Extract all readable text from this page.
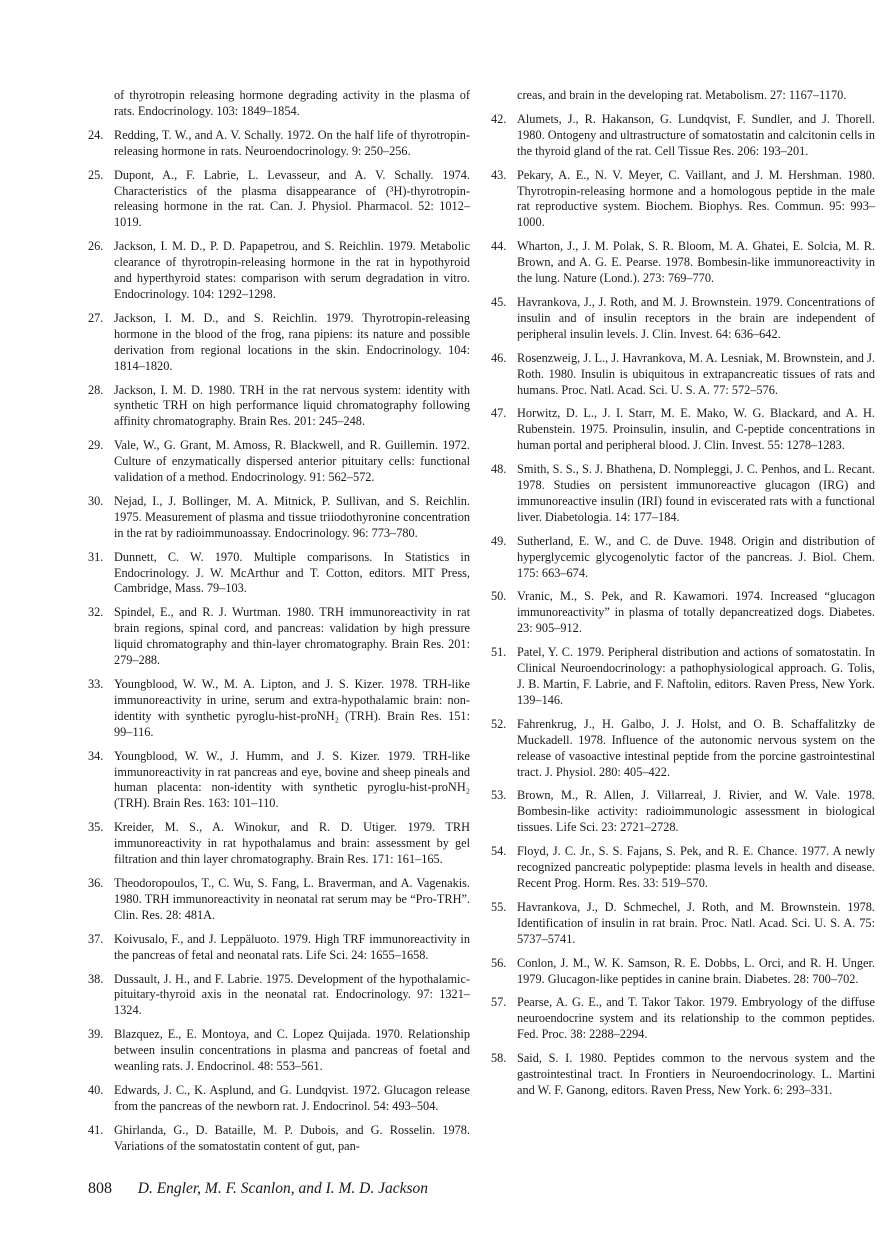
of thyrotropin releasing hormone degrading activity in the plasma of rats. Endocrinology. 103: 1849–1854.
24. Redding, T. W., and A. V. Schally. 1972. On the half life of thyrotropin-releasing hormone in rats. Neuroendocrinology. 9: 250–256.
25. Dupont, A., F. Labrie, L. Levasseur, and A. V. Schally. 1974. Characteristics of the plasma disappearance of (³H)-thyrotropin-releasing hormone in the rat. Can. J. Physiol. Pharmacol. 52: 1012–1019.
26. Jackson, I. M. D., P. D. Papapetrou, and S. Reichlin. 1979. Metabolic clearance of thyrotropin-releasing hormone in the rat in hypothyroid and hyperthyroid states: comparison with serum degradation in vitro. Endocrinology. 104: 1292–1298.
27. Jackson, I. M. D., and S. Reichlin. 1979. Thyrotropin-releasing hormone in the blood of the frog, rana pipiens: its nature and possible derivation from regional locations in the skin. Endocrinology. 104: 1814–1820.
28. Jackson, I. M. D. 1980. TRH in the rat nervous system: identity with synthetic TRH on high performance liquid chromatography following affinity chromatography. Brain Res. 201: 245–248.
29. Vale, W., G. Grant, M. Amoss, R. Blackwell, and R. Guillemin. 1972. Culture of enzymatically dispersed anterior pituitary cells: functional validation of a method. Endocrinology. 91: 562–572.
30. Nejad, I., J. Bollinger, M. A. Mitnick, P. Sullivan, and S. Reichlin. 1975. Measurement of plasma and tissue triiodothyronine concentration in the rat by radioimmunoassay. Endocrinology. 96: 773–780.
31. Dunnett, C. W. 1970. Multiple comparisons. In Statistics in Endocrinology. J. W. McArthur and T. Cotton, editors. MIT Press, Cambridge, Mass. 79–103.
32. Spindel, E., and R. J. Wurtman. 1980. TRH immunoreactivity in rat brain regions, spinal cord, and pancreas: validation by high pressure liquid chromatography and thin-layer chromatography. Brain Res. 201: 279–288.
33. Youngblood, W. W., M. A. Lipton, and J. S. Kizer. 1978. TRH-like immunoreactivity in urine, serum and extra-hypothalamic brain: non-identity with synthetic pyroglu-hist-proNH₂ (TRH). Brain Res. 151: 99–116.
34. Youngblood, W. W., J. Humm, and J. S. Kizer. 1979. TRH-like immunoreactivity in rat pancreas and eye, bovine and sheep pineals and human placenta: non-identity with synthetic pyroglu-hist-proNH₂ (TRH). Brain Res. 163: 101–110.
35. Kreider, M. S., A. Winokur, and R. D. Utiger. 1979. TRH immunoreactivity in rat hypothalamus and brain: assessment by gel filtration and thin layer chromatography. Brain Res. 171: 161–165.
36. Theodoropoulos, T., C. Wu, S. Fang, L. Braverman, and A. Vagenakis. 1980. TRH immunoreactivity in neonatal rat serum may be “Pro-TRH”. Clin. Res. 28: 481A.
37. Koivusalo, F., and J. Leppäluoto. 1979. High TRF immunoreactivity in the pancreas of fetal and neonatal rats. Life Sci. 24: 1655–1658.
38. Dussault, J. H., and F. Labrie. 1975. Development of the hypothalamic-pituitary-thyroid axis in the neonatal rat. Endocrinology. 97: 1321–1324.
39. Blazquez, E., E. Montoya, and C. Lopez Quijada. 1970. Relationship between insulin concentrations in plasma and pancreas of foetal and weanling rats. J. Endocrinol. 48: 553–561.
40. Edwards, J. C., K. Asplund, and G. Lundqvist. 1972. Glucagon release from the pancreas of the newborn rat. J. Endocrinol. 54: 493–504.
41. Ghirlanda, G., D. Bataille, M. P. Dubois, and G. Rosselin. 1978. Variations of the somatostatin content of gut, pan-
creas, and brain in the developing rat. Metabolism. 27: 1167–1170.
42. Alumets, J., R. Hakanson, G. Lundqvist, F. Sundler, and J. Thorell. 1980. Ontogeny and ultrastructure of somatostatin and calcitonin cells in the thyroid gland of the rat. Cell Tissue Res. 206: 193–201.
43. Pekary, A. E., N. V. Meyer, C. Vaillant, and J. M. Hershman. 1980. Thyrotropin-releasing hormone and a homologous peptide in the male rat reproductive system. Biochem. Biophys. Res. Commun. 95: 993–1000.
44. Wharton, J., J. M. Polak, S. R. Bloom, M. A. Ghatei, E. Solcia, M. R. Brown, and A. G. E. Pearse. 1978. Bombesin-like immunoreactivity in the lung. Nature (Lond.). 273: 769–770.
45. Havrankova, J., J. Roth, and M. J. Brownstein. 1979. Concentrations of insulin and of insulin receptors in the brain are independent of peripheral insulin levels. J. Clin. Invest. 64: 636–642.
46. Rosenzweig, J. L., J. Havrankova, M. A. Lesniak, M. Brownstein, and J. Roth. 1980. Insulin is ubiquitous in extrapancreatic tissues of rats and humans. Proc. Natl. Acad. Sci. U. S. A. 77: 572–576.
47. Horwitz, D. L., J. I. Starr, M. E. Mako, W. G. Blackard, and A. H. Rubenstein. 1975. Proinsulin, insulin, and C-peptide concentrations in human portal and peripheral blood. J. Clin. Invest. 55: 1278–1283.
48. Smith, S. S., S. J. Bhathena, D. Nompleggi, J. C. Penhos, and L. Recant. 1978. Studies on persistent immunoreactive glucagon (IRG) and immunoreactive insulin (IRI) found in eviscerated rats with a functional liver. Diabetologia. 14: 177–184.
49. Sutherland, E. W., and C. de Duve. 1948. Origin and distribution of hyperglycemic glycogenolytic factor of the pancreas. J. Biol. Chem. 175: 663–674.
50. Vranic, M., S. Pek, and R. Kawamori. 1974. Increased “glucagon immunoreactivity” in plasma of totally depancreatized dogs. Diabetes. 23: 905–912.
51. Patel, Y. C. 1979. Peripheral distribution and actions of somatostatin. In Clinical Neuroendocrinology: a pathophysiological approach. G. Tolis, J. B. Martin, F. Labrie, and F. Naftolin, editors. Raven Press, New York. 139–146.
52. Fahrenkrug, J., H. Galbo, J. J. Holst, and O. B. Schaffalitzky de Muckadell. 1978. Influence of the autonomic nervous system on the release of vasoactive intestinal peptide from the porcine gastrointestinal tract. J. Physiol. 280: 405–422.
53. Brown, M., R. Allen, J. Villarreal, J. Rivier, and W. Vale. 1978. Bombesin-like activity: radioimmunologic assessment in biological tissues. Life Sci. 23: 2721–2728.
54. Floyd, J. C. Jr., S. S. Fajans, S. Pek, and R. E. Chance. 1977. A newly recognized pancreatic polypeptide: plasma levels in health and disease. Recent Prog. Horm. Res. 33: 519–570.
55. Havrankova, J., D. Schmechel, J. Roth, and M. Brownstein. 1978. Identification of insulin in rat brain. Proc. Natl. Acad. Sci. U. S. A. 75: 5737–5741.
56. Conlon, J. M., W. K. Samson, R. E. Dobbs, L. Orci, and R. H. Unger. 1979. Glucagon-like peptides in canine brain. Diabetes. 28: 700–702.
57. Pearse, A. G. E., and T. Takor Takor. 1979. Embryology of the diffuse neuroendocrine system and its relationship to the common peptides. Fed. Proc. 38: 2288–2294.
58. Said, S. I. 1980. Peptides common to the nervous system and the gastrointestinal tract. In Frontiers in Neuroendocrinology. L. Martini and W. F. Ganong, editors. Raven Press, New York. 6: 293–331.
808 D. Engler, M. F. Scanlon, and I. M. D. Jackson
